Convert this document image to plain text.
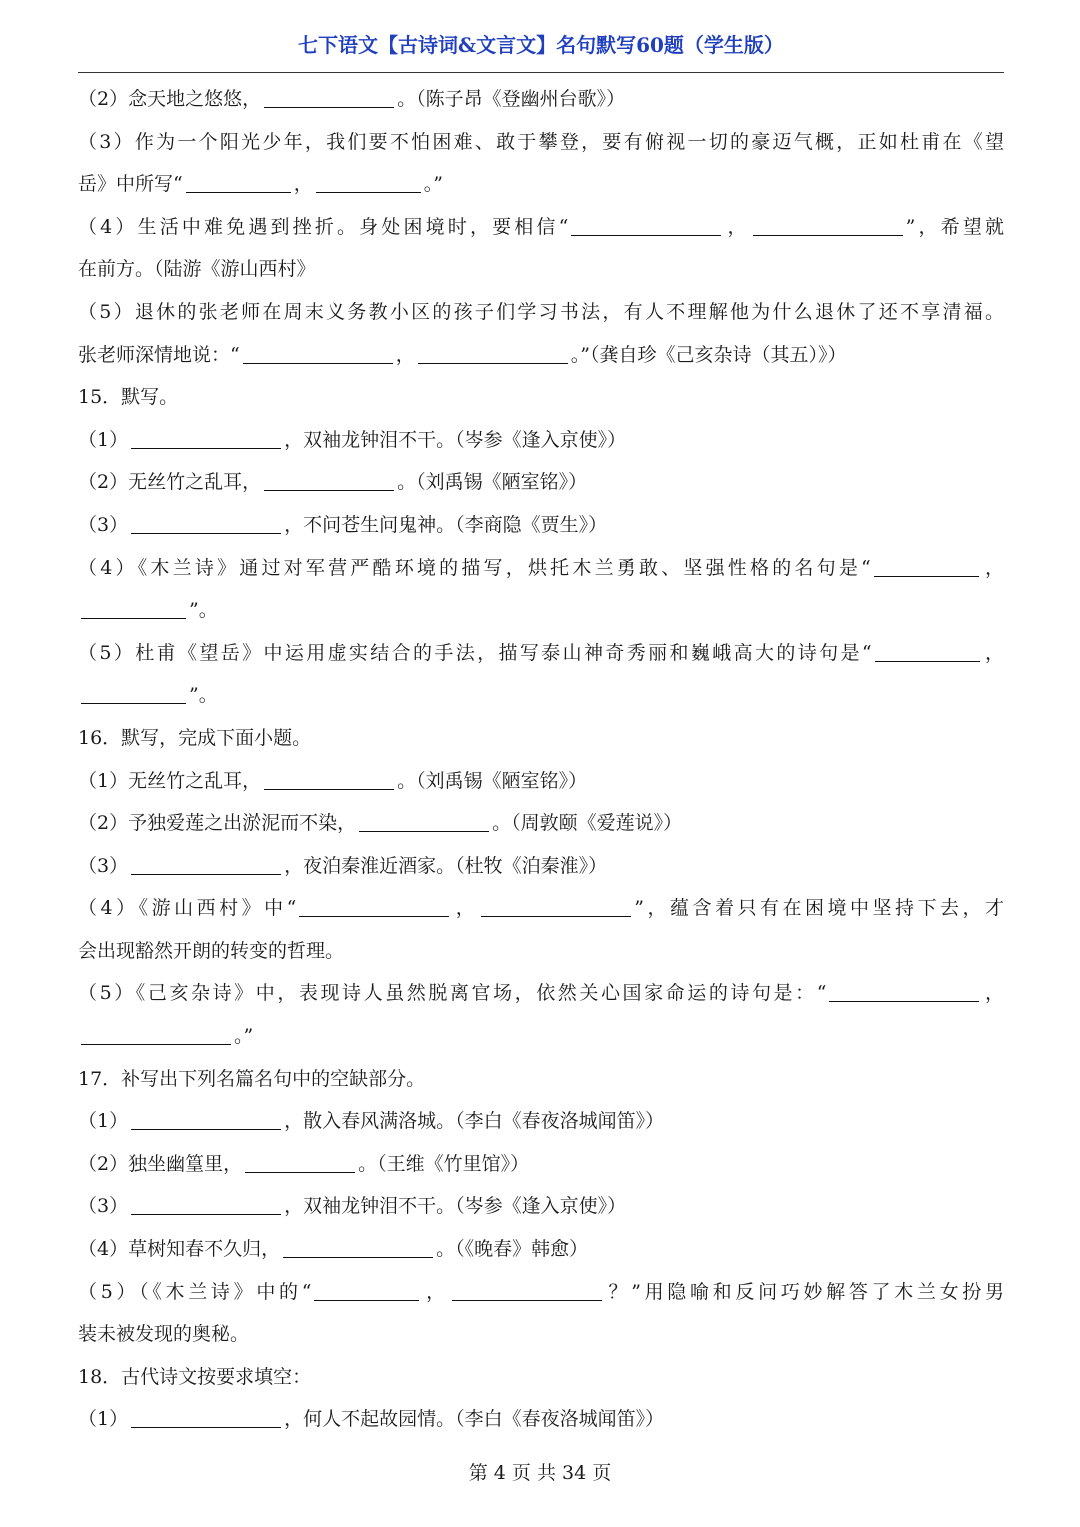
七下语文【古诗词&文言文】名句默写60题（学生版）
（2）念天地之悠悠，	。（陈子昂《登幽州台歌》）
（3）作为一个阳光少年，我们要不怕困难、敢于攀登，要有俯视一切的豪迈气概，正如杜甫在《望
岳》中所写“	，	。”
（4）生活中难免遇到挫折。身处困境时，要相信“	，	”，希望就
在前方。（陆游《游山西村》
（5）退休的张老师在周末义务教小区的孩子们学习书法，有人不理解他为什么退休了还不享清福。
张老师深情地说：“	，	。”（龚自珍《己亥杂诗（其五）》）
15．默写。
（1）	，双袖龙钟泪不干。（岑参《逢入京使》）
（2）无丝竹之乱耳，	。（刘禹锡《陋室铭》）
（3）	，不问苍生问鬼神。（李商隐《贾生》）
（4）《木兰诗》通过对军营严酷环境的描写，烘托木兰勇敢、坚强性格的名句是“	，
”。
（5）杜甫《望岳》中运用虚实结合的手法，描写泰山神奇秀丽和巍峨高大的诗句是“	，
”。
16．默写，完成下面小题。
（1）无丝竹之乱耳，	。（刘禹锡《陋室铭》）
（2）予独爱莲之出淤泥而不染，	。（周敦颐《爱莲说》）
（3）	，夜泊秦淮近酒家。（杜牧《泊秦淮》）
（4）《游山西村》中“	，	”，蕴含着只有在困境中坚持下去，才
会出现豁然开朗的转变的哲理。
（5）《己亥杂诗》中，表现诗人虽然脱离官场，依然关心国家命运的诗句是：“	，
。”
17．补写出下列名篇名句中的空缺部分。
（1）	，散入春风满洛城。（李白《春夜洛城闻笛》）
（2）独坐幽篁里，	。（王维《竹里馆》）
（3）	，双袖龙钟泪不干。（岑参《逢入京使》）
（4）草树知春不久归，	。（《晚春》韩愈）
（5）（《木兰诗》中的“	，	？”用隐喻和反问巧妙解答了木兰女扮男
装未被发现的奥秘。
18．古代诗文按要求填空：
（1）	，何人不起故园情。（李白《春夜洛城闻笛》）
第 4 页 共 34 页
